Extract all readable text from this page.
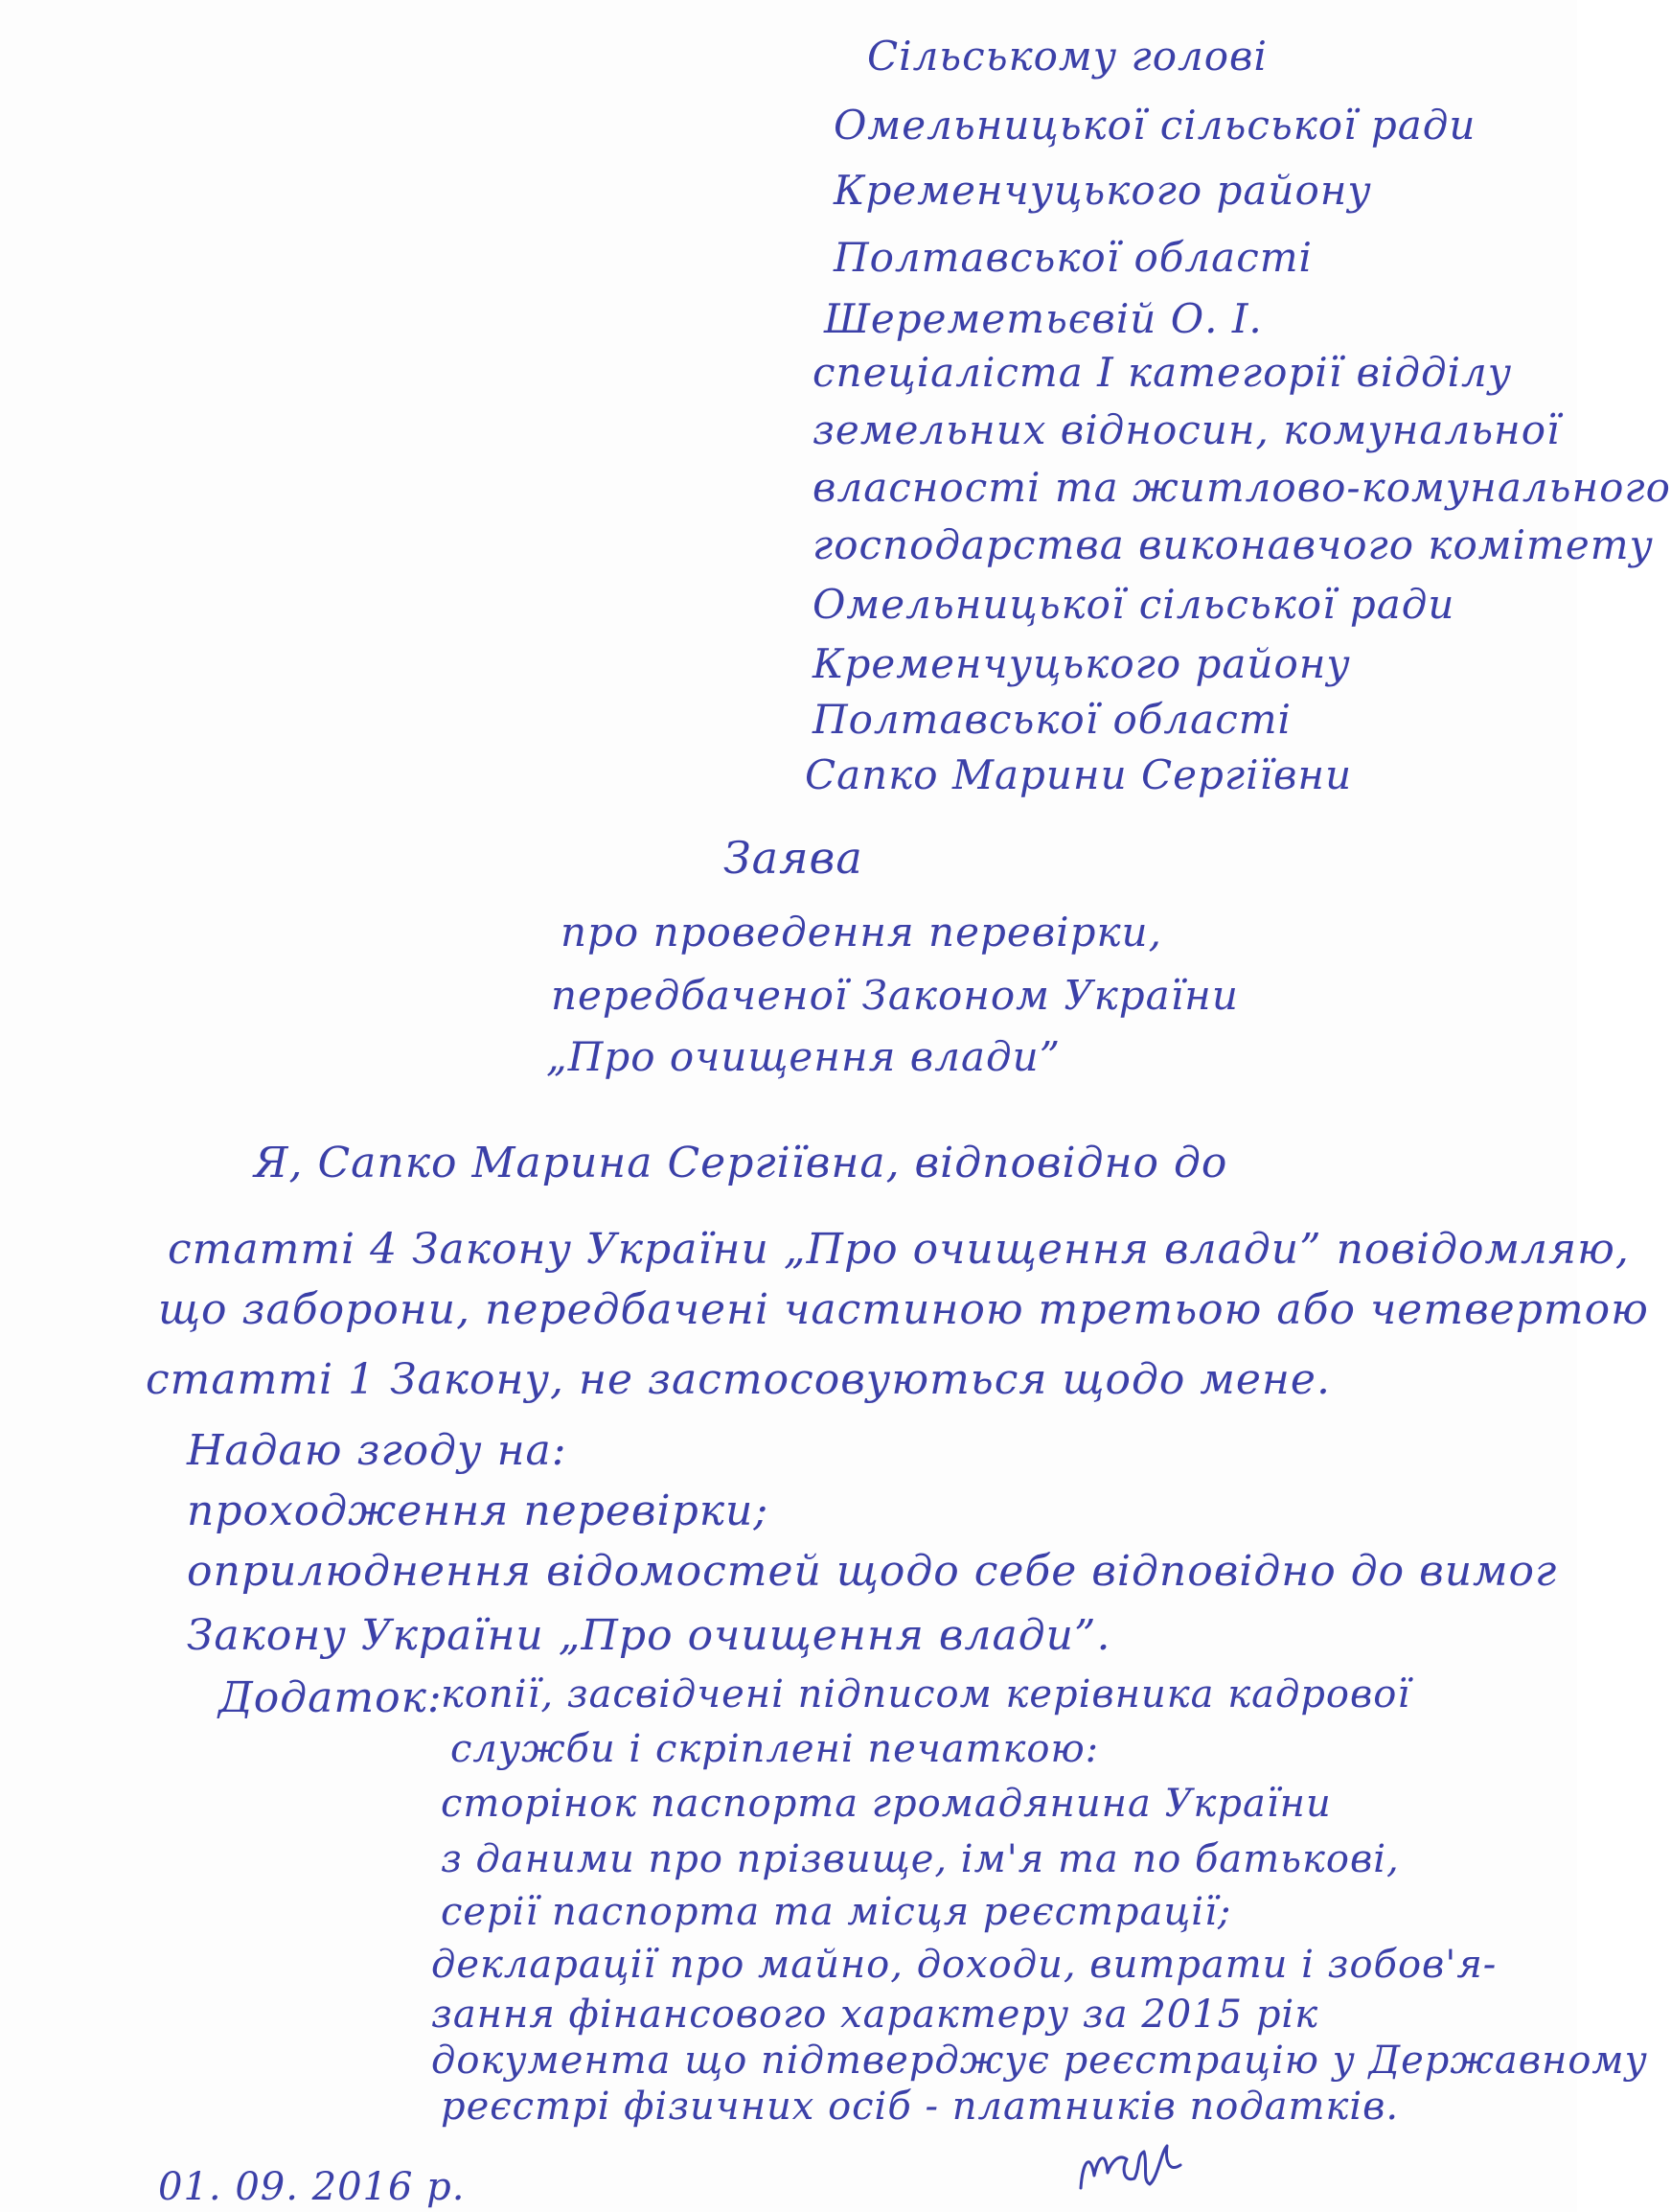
Сільському голові
Омельницької сільської ради
Кременчуцького району
Полтавської області
Шереметьєвій О. І.
спеціаліста І категорії відділу
земельних відносин, комунальної
власності та житлово-комунального
господарства виконавчого комітету
Омельницької сільської ради
Кременчуцького району
Полтавської області
Сапко Марини Сергіївни
Заява
про проведення перевірки,
передбаченої Законом України
„Про очищення влади”
Я, Сапко Марина Сергіївна, відповідно до
статті 4 Закону України „Про очищення влади” повідомляю,
що заборони, передбачені частиною третьою або четвертою
статті 1 Закону, не застосовуються щодо мене.
Надаю згоду на:
проходження перевірки;
оприлюднення відомостей щодо себе відповідно до вимог
Закону України „Про очищення влади”.
Додаток:
копії, засвідчені підписом керівника кадрової
служби і скріплені печаткою:
сторінок паспорта громадянина України
з даними про прізвище, ім'я та по батькові,
серії паспорта та місця реєстрації;
декларації про майно, доходи, витрати і зобов'я-
зання фінансового характеру за 2015 рік
документа що підтверджує реєстрацію у Державному
реєстрі фізичних осіб - платників податків.
01. 09. 2016 р.
